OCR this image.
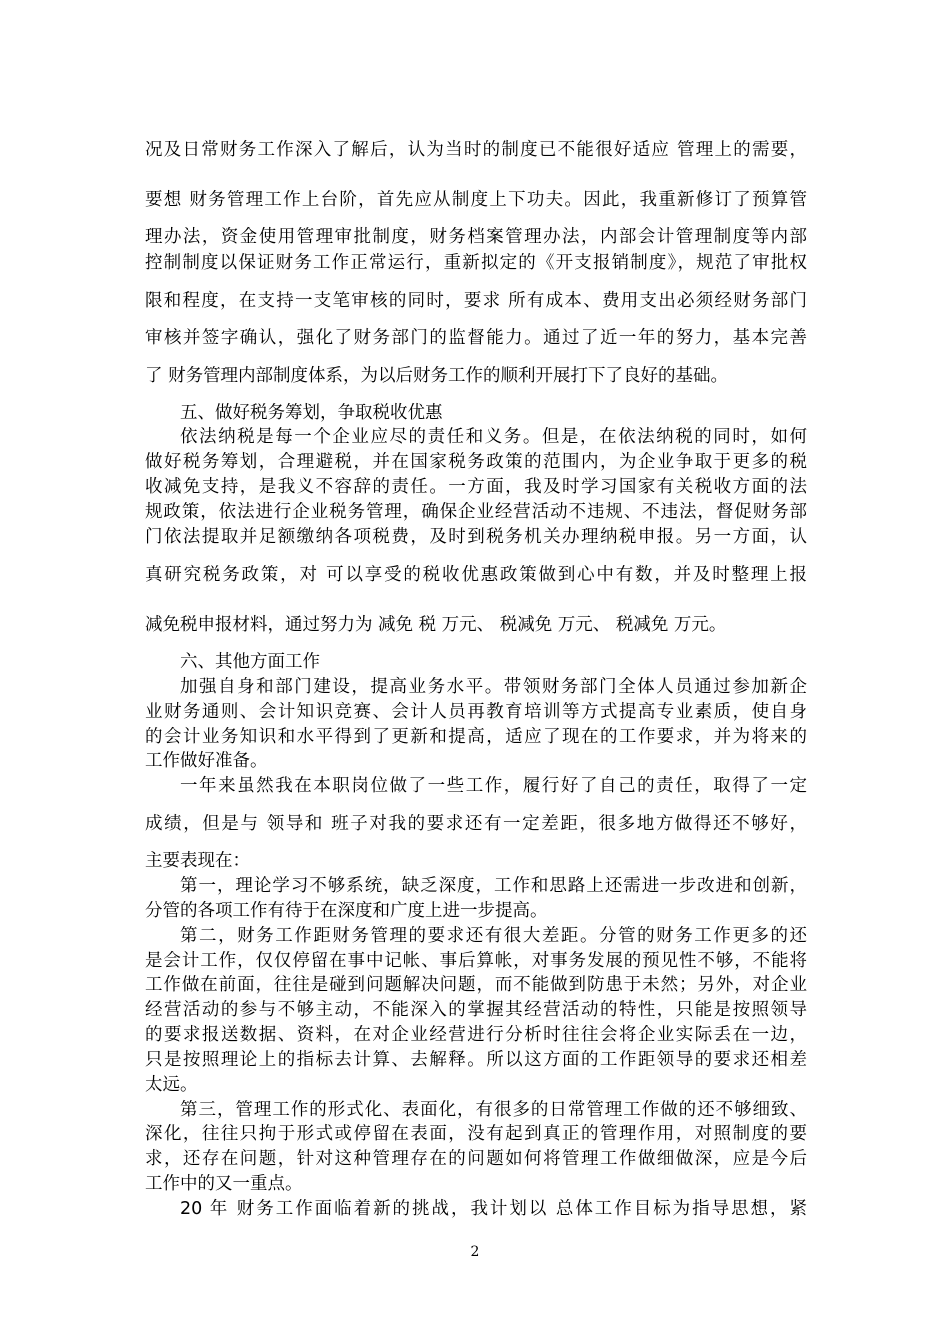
况及日常财务工作深入了解后，认为当时的制度已不能很好适应 管理上的需要，
要想 财务管理工作上台阶，首先应从制度上下功夫。因此，我重新修订了预算管
理办法，资金使用管理审批制度，财务档案管理办法，内部会计管理制度等内部
控制制度以保证财务工作正常运行，重新拟定的《开支报销制度》，规范了审批权
限和程度，在支持一支笔审核的同时，要求 所有成本、费用支出必须经财务部门
审核并签字确认，强化了财务部门的监督能力。通过了近一年的努力，基本完善
了 财务管理内部制度体系，为以后财务工作的顺利开展打下了良好的基础。
五、做好税务筹划，争取税收优惠
依法纳税是每一个企业应尽的责任和义务。但是，在依法纳税的同时，如何
做好税务筹划，合理避税，并在国家税务政策的范围内，为企业争取于更多的税
收减免支持，是我义不容辞的责任。一方面，我及时学习国家有关税收方面的法
规政策，依法进行企业税务管理，确保企业经营活动不违规、不违法，督促财务部
门依法提取并足额缴纳各项税费，及时到税务机关办理纳税申报。另一方面，认
真研究税务政策，对 可以享受的税收优惠政策做到心中有数，并及时整理上报
减免税申报材料，通过努力为 减免 税 万元、 税减免 万元、 税减免 万元。
六、其他方面工作
加强自身和部门建设，提高业务水平。带领财务部门全体人员通过参加新企
业财务通则、会计知识竞赛、会计人员再教育培训等方式提高专业素质，使自身
的会计业务知识和水平得到了更新和提高，适应了现在的工作要求，并为将来的
工作做好准备。
一年来虽然我在本职岗位做了一些工作，履行好了自己的责任，取得了一定
成绩，但是与 领导和 班子对我的要求还有一定差距，很多地方做得还不够好，
主要表现在：
第一，理论学习不够系统，缺乏深度，工作和思路上还需进一步改进和创新，
分管的各项工作有待于在深度和广度上进一步提高。
第二，财务工作距财务管理的要求还有很大差距。分管的财务工作更多的还
是会计工作，仅仅停留在事中记帐、事后算帐，对事务发展的预见性不够，不能将
工作做在前面，往往是碰到问题解决问题，而不能做到防患于未然；另外，对企业
经营活动的参与不够主动，不能深入的掌握其经营活动的特性，只能是按照领导
的要求报送数据、资料，在对企业经营进行分析时往往会将企业实际丢在一边，
只是按照理论上的指标去计算、去解释。所以这方面的工作距领导的要求还相差
太远。
第三，管理工作的形式化、表面化，有很多的日常管理工作做的还不够细致、
深化，往往只拘于形式或停留在表面，没有起到真正的管理作用，对照制度的要
求，还存在问题，针对这种管理存在的问题如何将管理工作做细做深，应是今后
工作中的又一重点。
20 年 财务工作面临着新的挑战，我计划以 总体工作目标为指导思想，紧
2
